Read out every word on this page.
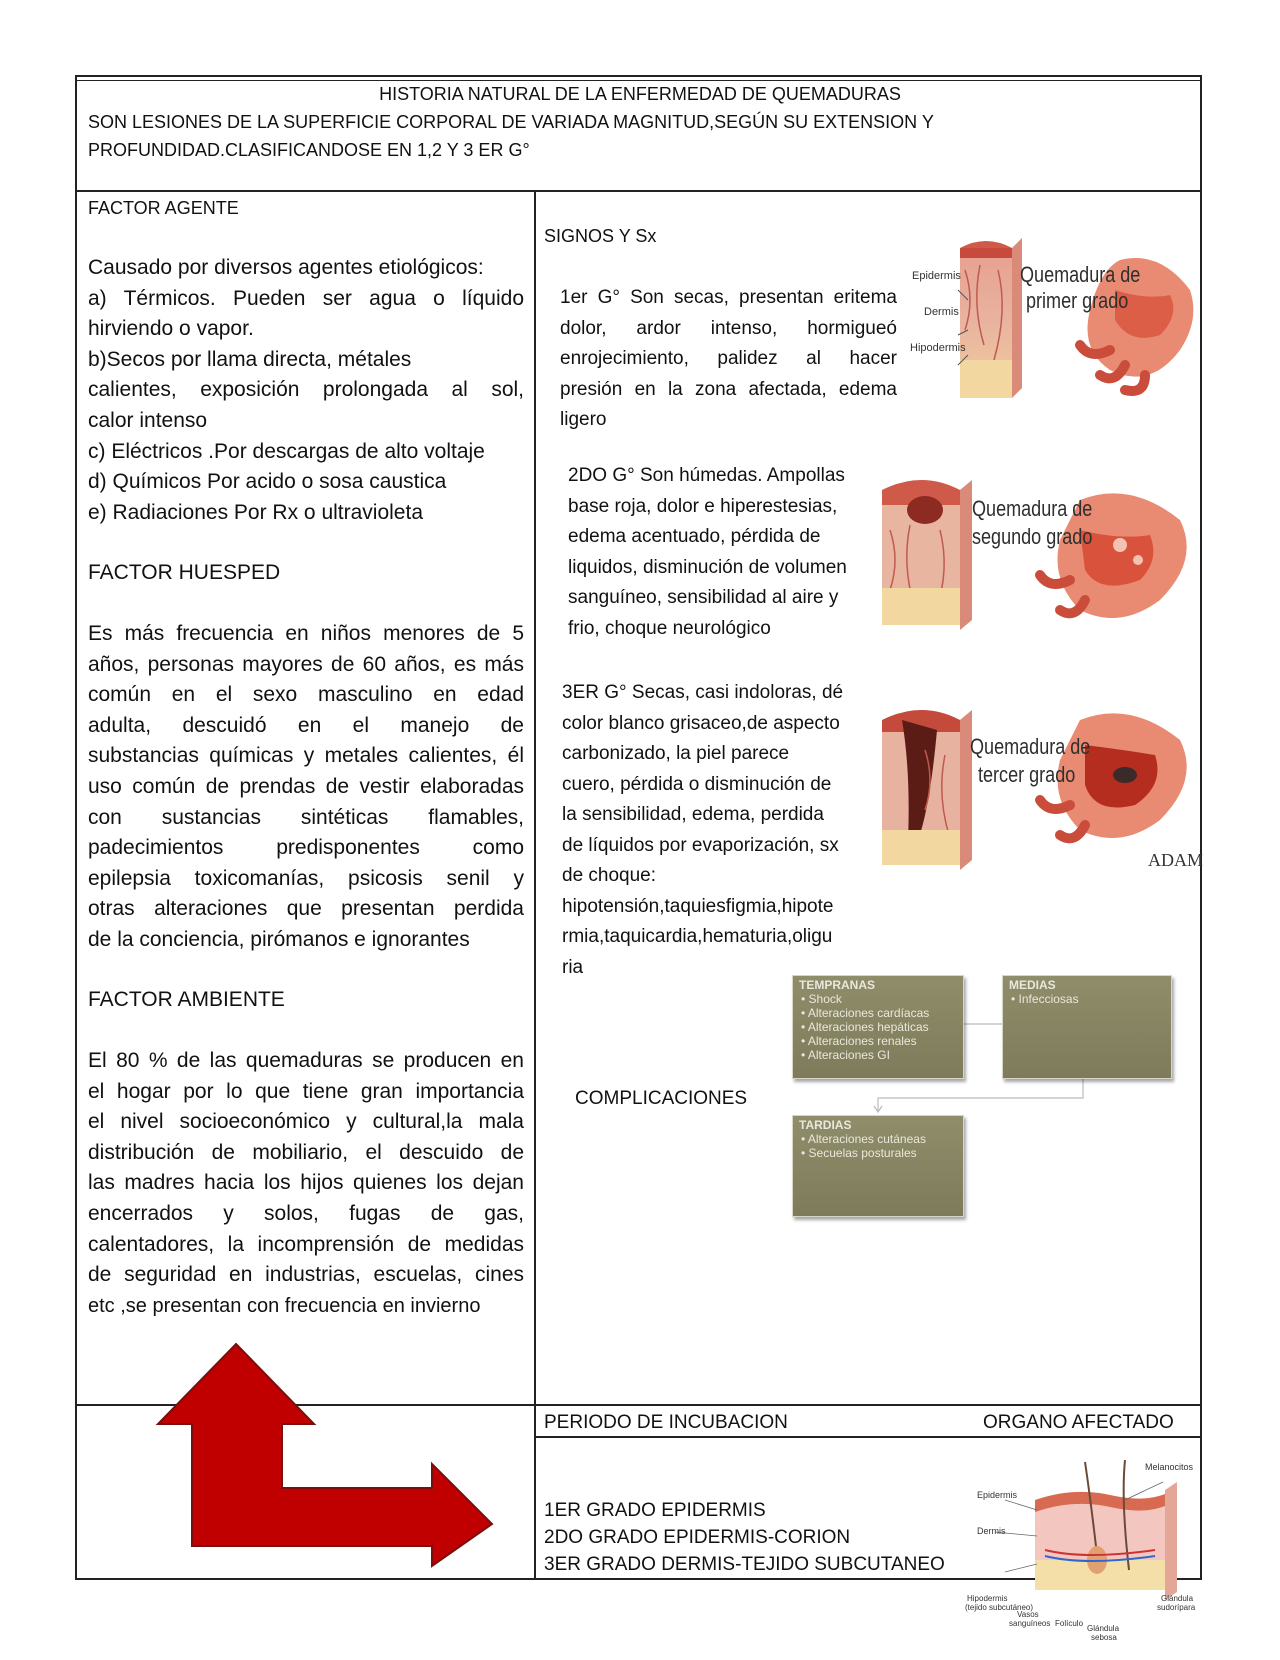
HISTORIA NATURAL DE LA ENFERMEDAD DE QUEMADURAS
SON LESIONES DE LA SUPERFICIE CORPORAL DE VARIADA MAGNITUD,SEGÚN SU EXTENSION Y
PROFUNDIDAD.CLASIFICANDOSE EN 1,2 Y 3 ER G°
FACTOR AGENTE
Causado por diversos agentes etiológicos:
a) Térmicos. Pueden ser agua o líquido
hirviendo o vapor.
b)Secos por llama directa, métales
calientes, exposición prolongada al sol,
calor intenso
c) Eléctricos .Por descargas de alto voltaje
d) Químicos Por acido o sosa caustica
e) Radiaciones Por Rx o ultravioleta
FACTOR HUESPED
Es más frecuencia en niños menores de 5
años, personas mayores de 60 años, es más
común en el sexo masculino en edad
adulta, descuidó en el manejo de
substancias químicas y metales calientes, él
uso común de prendas de vestir elaboradas
con sustancias sintéticas flamables,
padecimientos predisponentes como
epilepsia toxicomanías, psicosis senil y
otras alteraciones que presentan perdida
de la conciencia, pirómanos e ignorantes
FACTOR AMBIENTE
El 80 % de las quemaduras se producen en
el hogar por lo que tiene gran importancia
el nivel socioeconómico y cultural,la mala
distribución de mobiliario, el descuido de
las madres hacia los hijos quienes los dejan
encerrados y solos, fugas de gas,
calentadores, la incomprensión de medidas
de seguridad en industrias, escuelas, cines
etc ,se presentan con frecuencia en invierno
SIGNOS Y Sx
1er G° Son secas, presentan eritema
dolor, ardor intenso, hormigueó
enrojecimiento, palidez al hacer
presión en la zona afectada, edema
ligero
2DO G° Son húmedas. Ampollas
base roja, dolor e hiperestesias,
edema acentuado, pérdida de
liquidos, disminución de volumen
sanguíneo, sensibilidad al aire y
frio, choque neurológico
3ER G° Secas, casi indoloras, dé
color blanco grisaceo,de aspecto
carbonizado, la piel parece
cuero, pérdida o disminución de
la sensibilidad, edema, perdida
de líquidos por evaporización, sx
de choque:
hipotensión,taquiesfigmia,hipote
rmia,taquicardia,hematuria,oligu
ria
Epidermis
Dermis
Hipodermis
Quemadura de
primer grado
Quemadura de
segundo grado
Quemadura de
tercer grado
ADAM
COMPLICACIONES
TEMPRANAS
• Shock
• Alteraciones cardíacas
• Alteraciones hepáticas
• Alteraciones renales
• Alteraciones GI
MEDIAS
• Infecciosas
TARDIAS
• Alteraciones cutáneas
• Secuelas posturales
PERIODO DE INCUBACION	ORGANO AFECTADO
1ER GRADO EPIDERMIS
2DO GRADO EPIDERMIS-CORION
3ER GRADO DERMIS-TEJIDO SUBCUTANEO
Melanocitos
Epidermis
Dermis
Hipodermis
(tejido subcutáneo)
Vasos
sanguíneos Folículo
Glándula
sebosa
Glándula
sudorípara
